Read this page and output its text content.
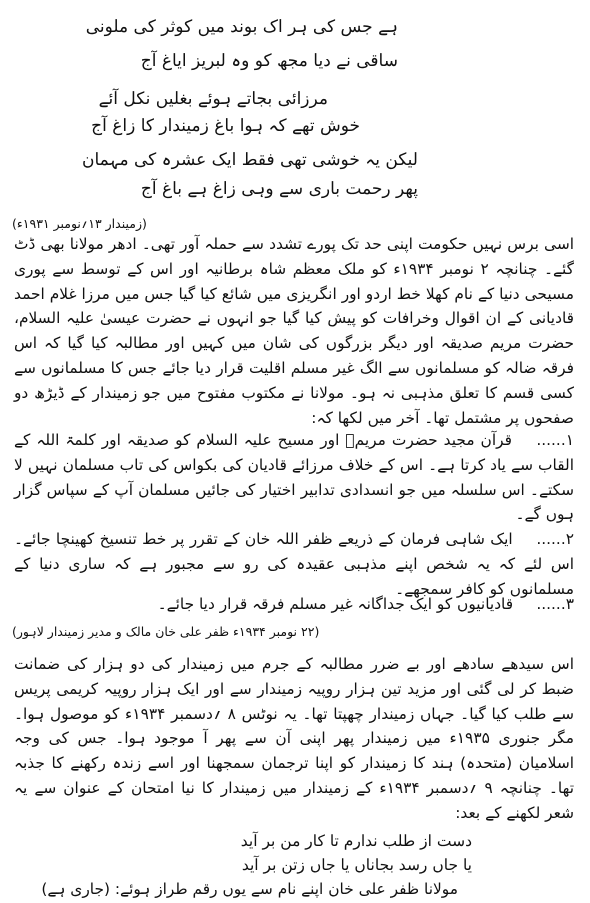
ہے جس کی ہر اک بوند میں کوثر کی ملونی
ساقی نے دیا مجھ کو وہ لبریز ایاغ آج
مرزائی بجاتے ہوئے بغلیں نکل آئے
خوش تھے کہ ہوا باغ زمیندار کا زاغ آج
لیکن یہ خوشی تھی فقط ایک عشرہ کی مہمان
پھر رحمت باری سے وہی زاغ ہے باغ آج
(زمیندار ۱۳؍نومبر ۱۹۳۱ء)
اسی برس نہیں حکومت اپنی حد تک پورے تشدد سے حملہ آور تھی۔ ادھر مولانا بھی ڈٹ گئے۔ چنانچہ ۲ نومبر ۱۹۳۴ء کو ملک معظم شاہ برطانیہ اور اس کے توسط سے پوری مسیحی دنیا کے نام کھلا خط اردو اور انگریزی میں شائع کیا گیا جس میں مرزا غلام احمد قادیانی کے ان اقوال وخرافات کو پیش کیا گیا جو انہوں نے حضرت عیسیٰ علیہ السلام، حضرت مریم صدیقہ اور دیگر بزرگوں کی شان میں کہیں اور مطالبہ کیا گیا کہ اس فرقہ ضالہ کو مسلمانوں سے الگ غیر مسلم اقلیت قرار دیا جائے جس کا مسلمانوں سے کسی قسم کا تعلق مذہبی نہ ہو۔ مولانا نے مکتوب مفتوح میں جو زمیندار کے ڈیڑھ دو صفحوں پر مشتمل تھا۔ آخر میں لکھا کہ:
۱...... قرآن مجید حضرت مریمؑ اور مسیح علیہ السلام کو صدیقہ اور کلمۃ اللہ کے القاب سے یاد کرتا ہے۔ اس کے خلاف مرزائے قادیان کی بکواس کی تاب مسلمان نہیں لا سکتے۔ اس سلسلہ میں جو انسدادی تدابیر اختیار کی جائیں مسلمان آپ کے سپاس گزار ہوں گے۔
۲...... ایک شاہی فرمان کے ذریعے ظفر اللہ خان کے تقرر پر خط تنسیخ کھینچا جائے۔ اس لئے کہ یہ شخص اپنے مذہبی عقیدہ کی رو سے مجبور ہے کہ ساری دنیا کے مسلمانوں کو کافر سمجھے۔
۳...... قادیانیوں کو ایک جداگانہ غیر مسلم فرقہ قرار دیا جائے۔
(۲۲ نومبر ۱۹۳۴ء ظفر علی خان مالک و مدیر زمیندار لاہور)
اس سیدھے سادھے اور بے ضرر مطالبہ کے جرم میں زمیندار کی دو ہزار کی ضمانت ضبط کر لی گئی اور مزید تین ہزار روپیہ زمیندار سے اور ایک ہزار روپیہ کریمی پریس سے طلب کیا گیا۔ جہاں زمیندار چھپتا تھا۔ یہ نوٹس ۸ ؍دسمبر ۱۹۳۴ء کو موصول ہوا۔ مگر جنوری ۱۹۳۵ء میں زمیندار پھر اپنی آن سے پھر آ موجود ہوا۔ جس کی وجہ اسلامیان (متحدہ) ہند کا زمیندار کو اپنا ترجمان سمجھنا اور اسے زندہ رکھنے کا جذبہ تھا۔ چنانچہ ۹ ؍دسمبر ۱۹۳۴ء کے زمیندار میں زمیندار کا نیا امتحان کے عنوان سے یہ شعر لکھنے کے بعد:
دست از طلب ندارم تا کار من بر آید
یا جاں رسد بجاناں یا جاں زتن بر آید
مولانا ظفر علی خان اپنے نام سے یوں رقم طراز ہوئے: (جاری ہے)
